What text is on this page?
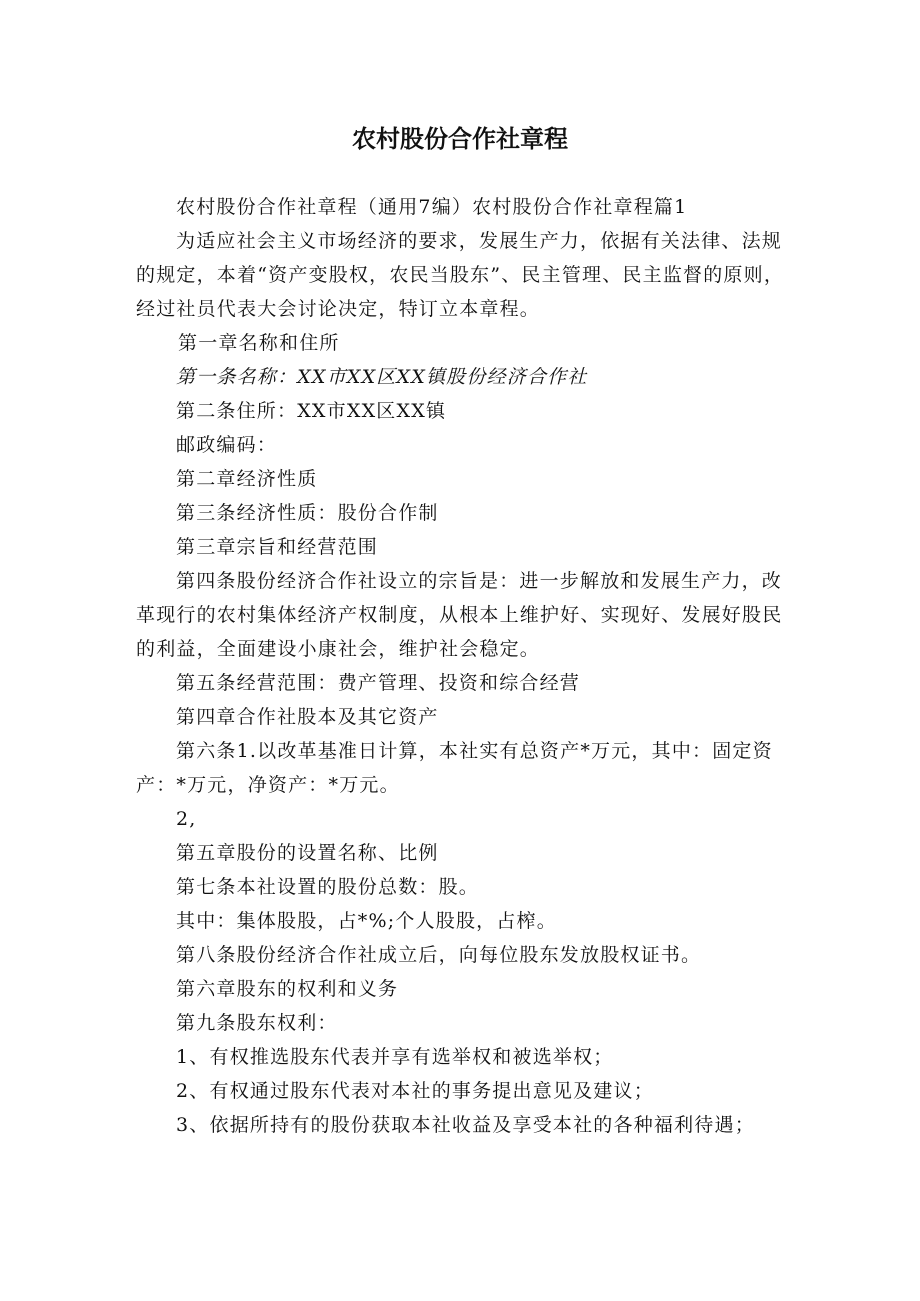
农村股份合作社章程
农村股份合作社章程（通用7编）农村股份合作社章程篇1
为适应社会主义市场经济的要求，发展生产力，依据有关法律、法规的规定，本着“资产变股权，农民当股东”、民主管理、民主监督的原则，经过社员代表大会讨论决定，特订立本章程。
第一章名称和住所
第一条名称：XX市XX区XX镇股份经济合作社
第二条住所：XX市XX区XX镇
邮政编码：
第二章经济性质
第三条经济性质：股份合作制
第三章宗旨和经营范围
第四条股份经济合作社设立的宗旨是：进一步解放和发展生产力，改革现行的农村集体经济产权制度，从根本上维护好、实现好、发展好股民的利益，全面建设小康社会，维护社会稳定。
第五条经营范围：费产管理、投资和综合经营
第四章合作社股本及其它资产
第六条1.以改革基准日计算，本社实有总资产*万元，其中：固定资产：*万元，净资产：*万元。
2,
第五章股份的设置名称、比例
第七条本社设置的股份总数：股。
其中：集体股股，占*%;个人股股，占榨。
第八条股份经济合作社成立后，向每位股东发放股权证书。
第六章股东的权利和义务
第九条股东权利：
1、有权推选股东代表并享有选举权和被选举权；
2、有权通过股东代表对本社的事务提出意见及建议；
3、依据所持有的股份获取本社收益及享受本社的各种福利待遇；
